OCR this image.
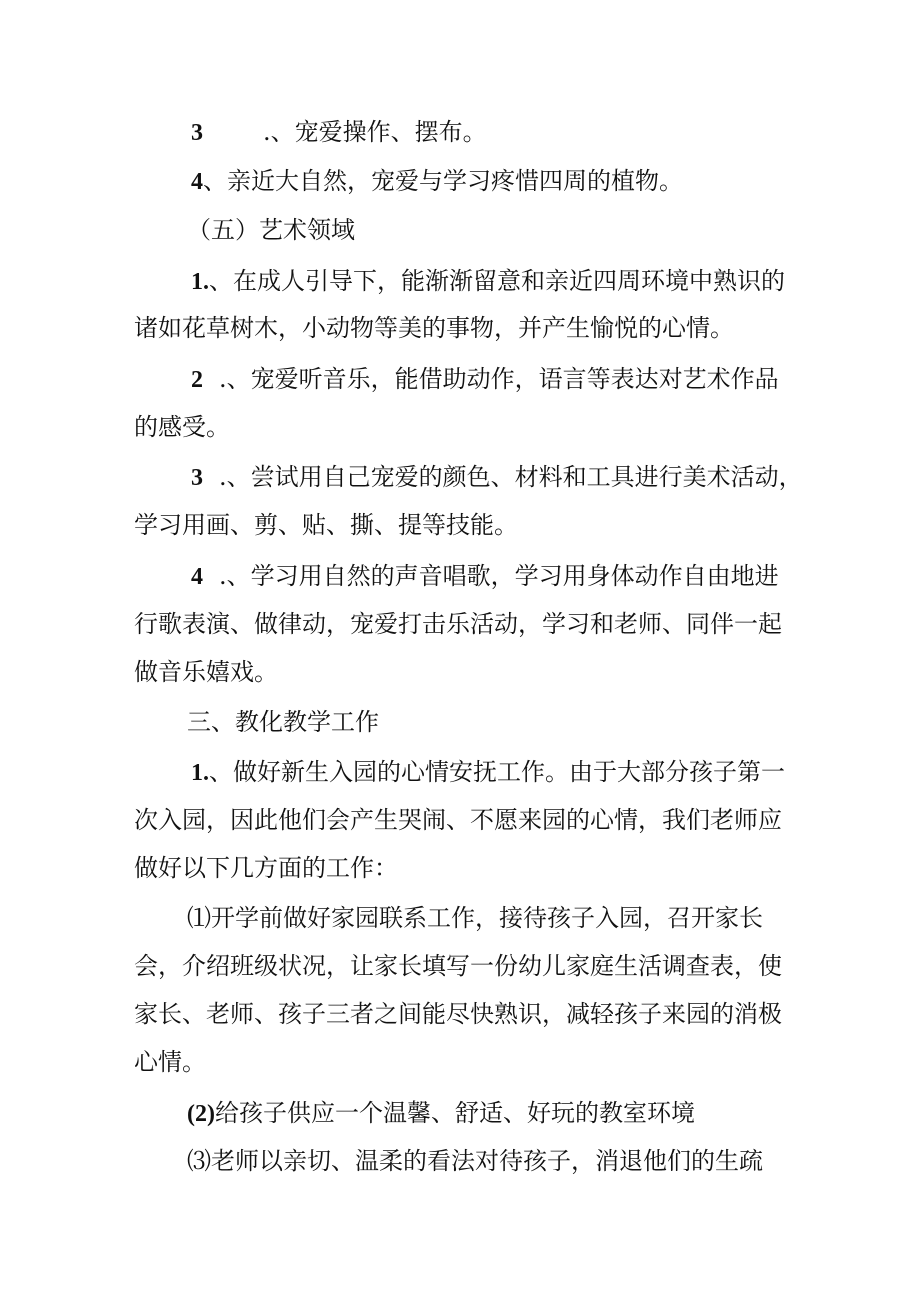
3	.、宠爱操作、摆布。
4、亲近大自然，宠爱与学习疼惜四周的植物。
（五）艺术领域
1.、在成人引导下，能渐渐留意和亲近四周环境中熟识的
诸如花草树木，小动物等美的事物，并产生愉悦的心情。
2 .、宠爱听音乐，能借助动作，语言等表达对艺术作品
的感受。
3 .、尝试用自己宠爱的颜色、材料和工具进行美术活动，
学习用画、剪、贴、撕、提等技能。
4 .、学习用自然的声音唱歌，学习用身体动作自由地进
行歌表演、做律动，宠爱打击乐活动，学习和老师、同伴一起
做音乐嬉戏。
三、教化教学工作
1.、做好新生入园的心情安抚工作。由于大部分孩子第一
次入园，因此他们会产生哭闹、不愿来园的心情，我们老师应
做好以下几方面的工作：
⑴开学前做好家园联系工作，接待孩子入园，召开家长
会，介绍班级状况，让家长填写一份幼儿家庭生活调查表，使
家长、老师、孩子三者之间能尽快熟识，减轻孩子来园的消极
心情。
(2)给孩子供应一个温馨、舒适、好玩的教室环境
⑶老师以亲切、温柔的看法对待孩子，消退他们的生疏
